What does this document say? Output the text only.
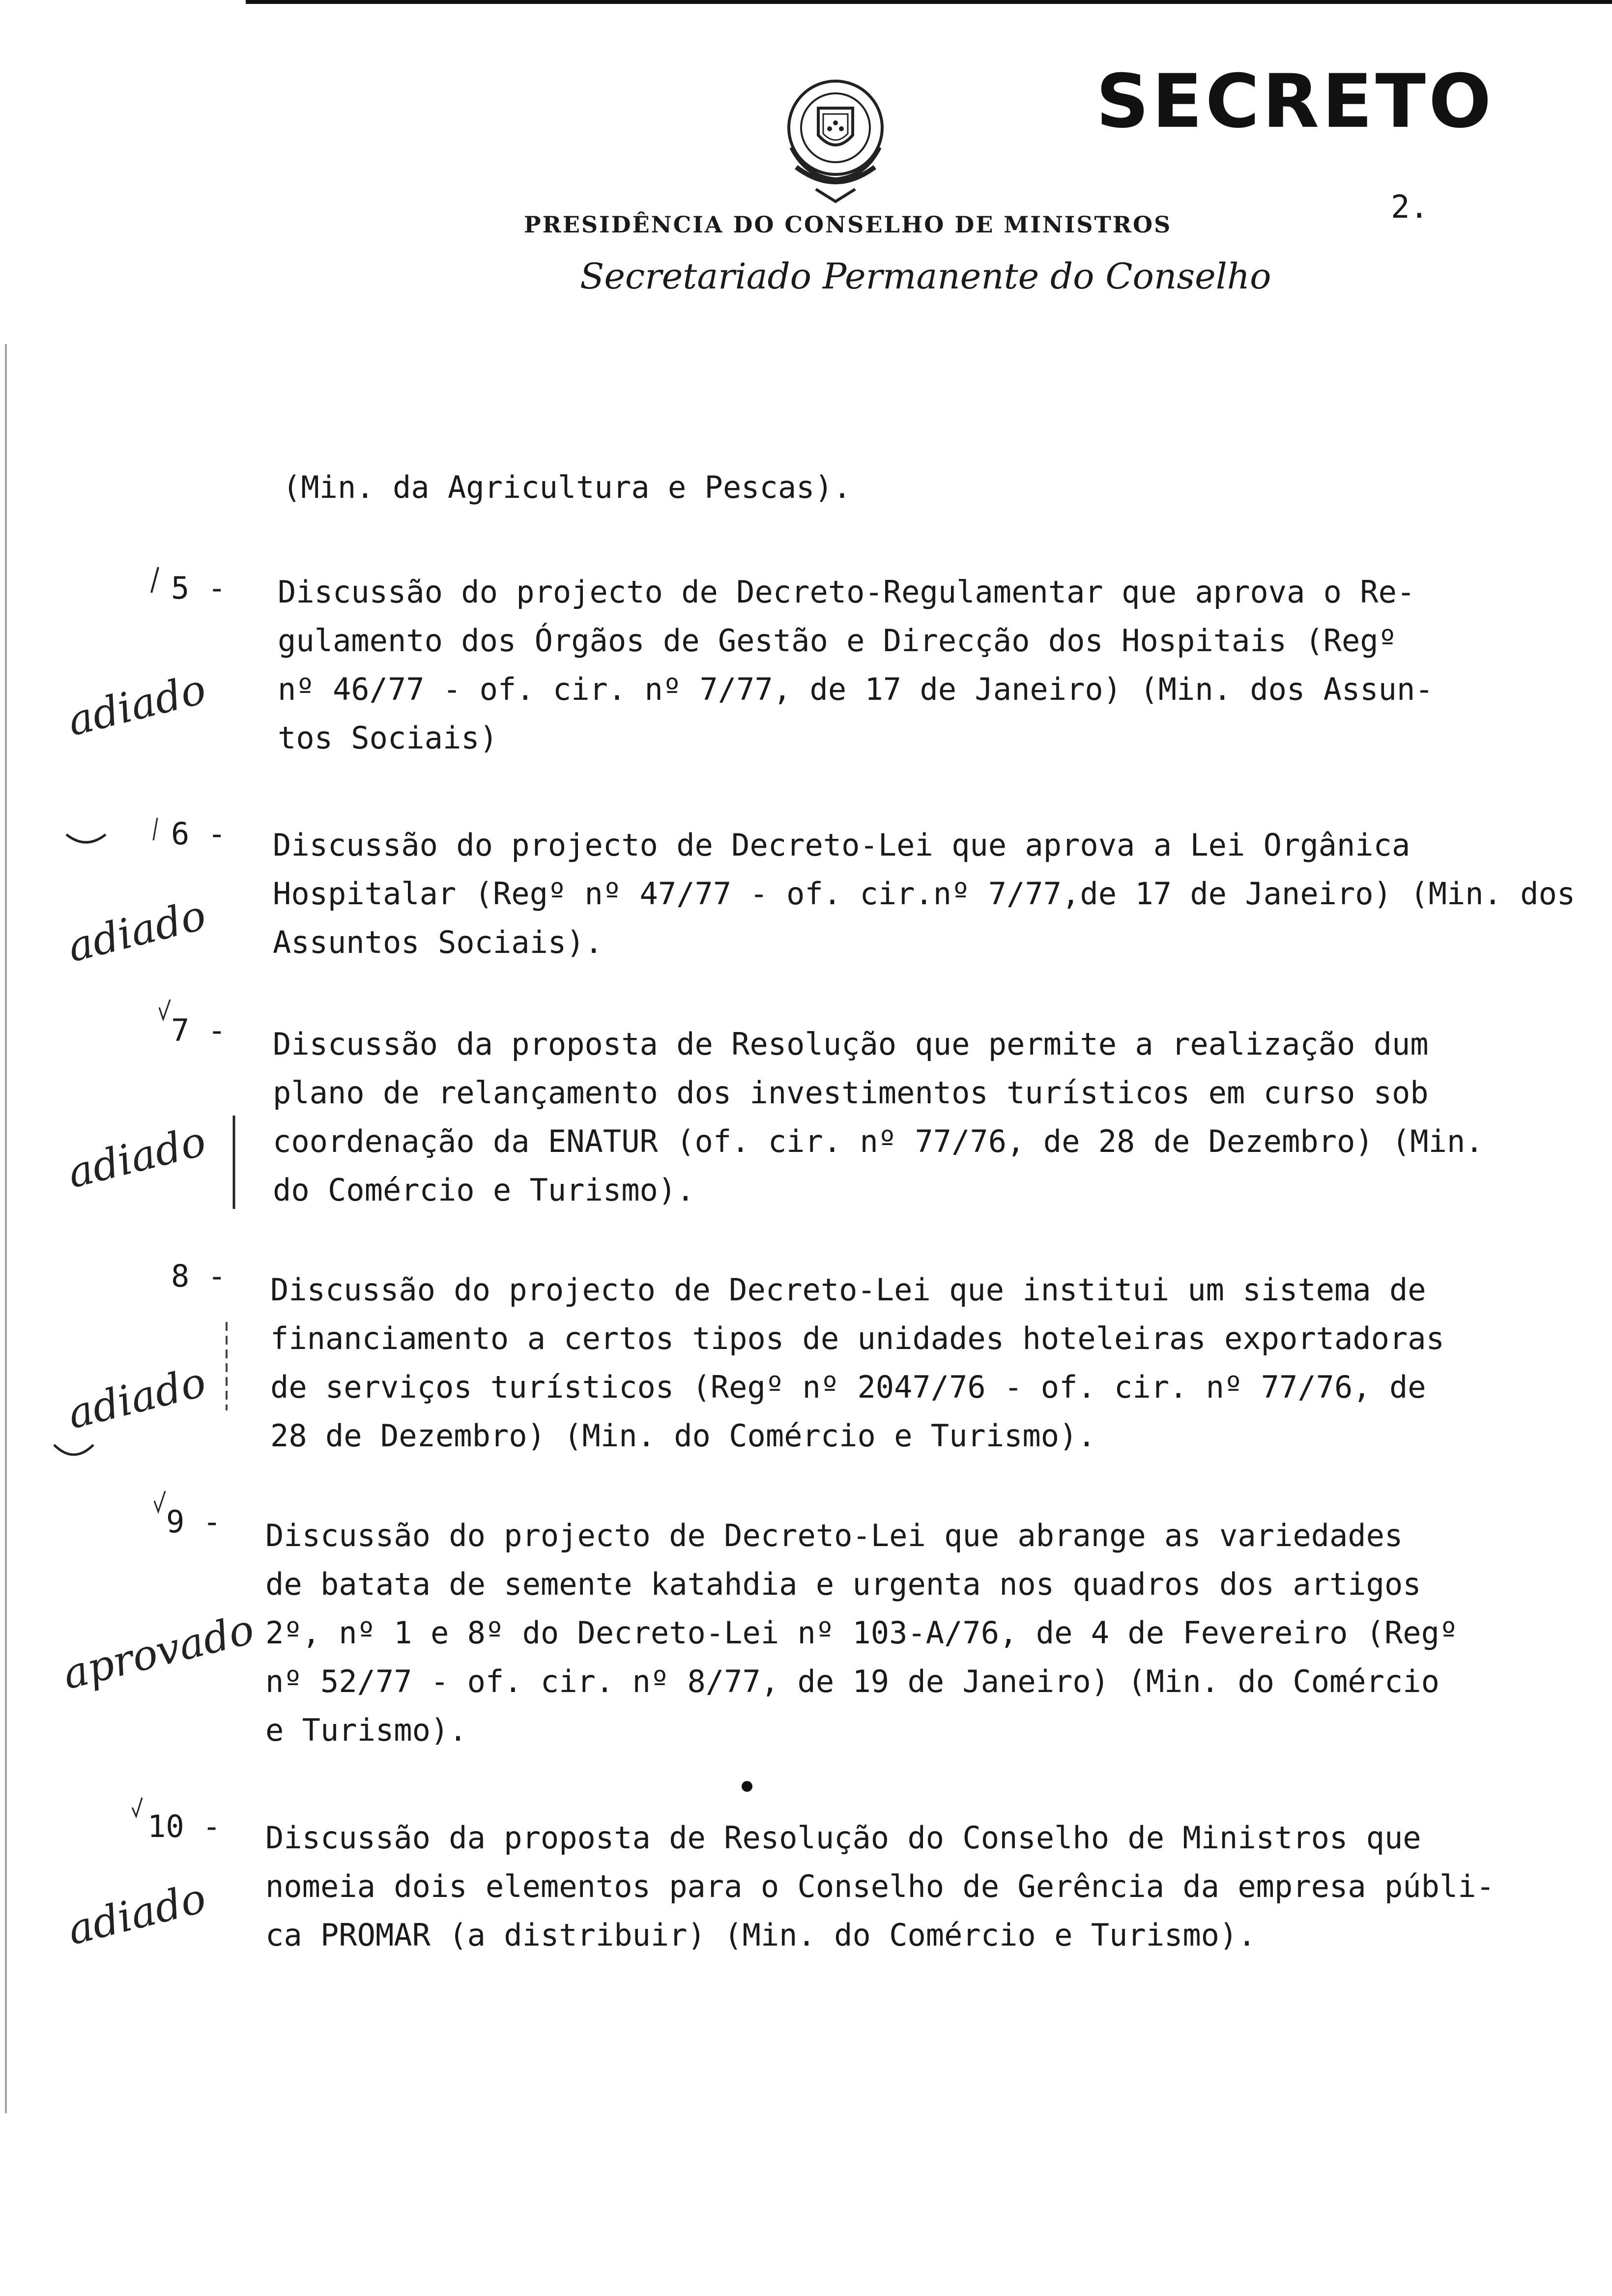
SECRETO
2.
PRESIDÊNCIA DO CONSELHO DE MINISTROS
Secretariado Permanente do Conselho
(Min. da Agricultura e Pescas).
5 - Discussão do projecto de Decreto-Regulamentar que aprova o Re-
gulamento dos Órgãos de Gestão e Direcção dos Hospitais (Regº
nº 46/77 - of. cir. nº 7/77, de 17 de Janeiro) (Min. dos Assun-
tos Sociais)
adiado
6 - Discussão do projecto de Decreto-Lei que aprova a Lei Orgânica
Hospitalar (Regº nº 47/77 - of. cir.nº 7/77,de 17 de Janeiro) (Min. dos
Assuntos Sociais).
adiado
7 - Discussão da proposta de Resolução que permite a realização dum
plano de relançamento dos investimentos turísticos em curso sob
coordenação da ENATUR (of. cir. nº 77/76, de 28 de Dezembro) (Min.
do Comércio e Turismo).
adiado
8 - Discussão do projecto de Decreto-Lei que institui um sistema de
financiamento a certos tipos de unidades hoteleiras exportadoras
de serviços turísticos (Regº nº 2047/76 - of. cir. nº 77/76, de
28 de Dezembro) (Min. do Comércio e Turismo).
adiado
9 - Discussão do projecto de Decreto-Lei que abrange as variedades
de batata de semente katahdia e urgenta nos quadros dos artigos
2º, nº 1 e 8º do Decreto-Lei nº 103-A/76, de 4 de Fevereiro (Regº
nº 52/77 - of. cir. nº 8/77, de 19 de Janeiro) (Min. do Comércio
e Turismo).
aprovado
10 - Discussão da proposta de Resolução do Conselho de Ministros que
nomeia dois elementos para o Conselho de Gerência da empresa públi-
ca PROMAR (a distribuir) (Min. do Comércio e Turismo).
adiado
